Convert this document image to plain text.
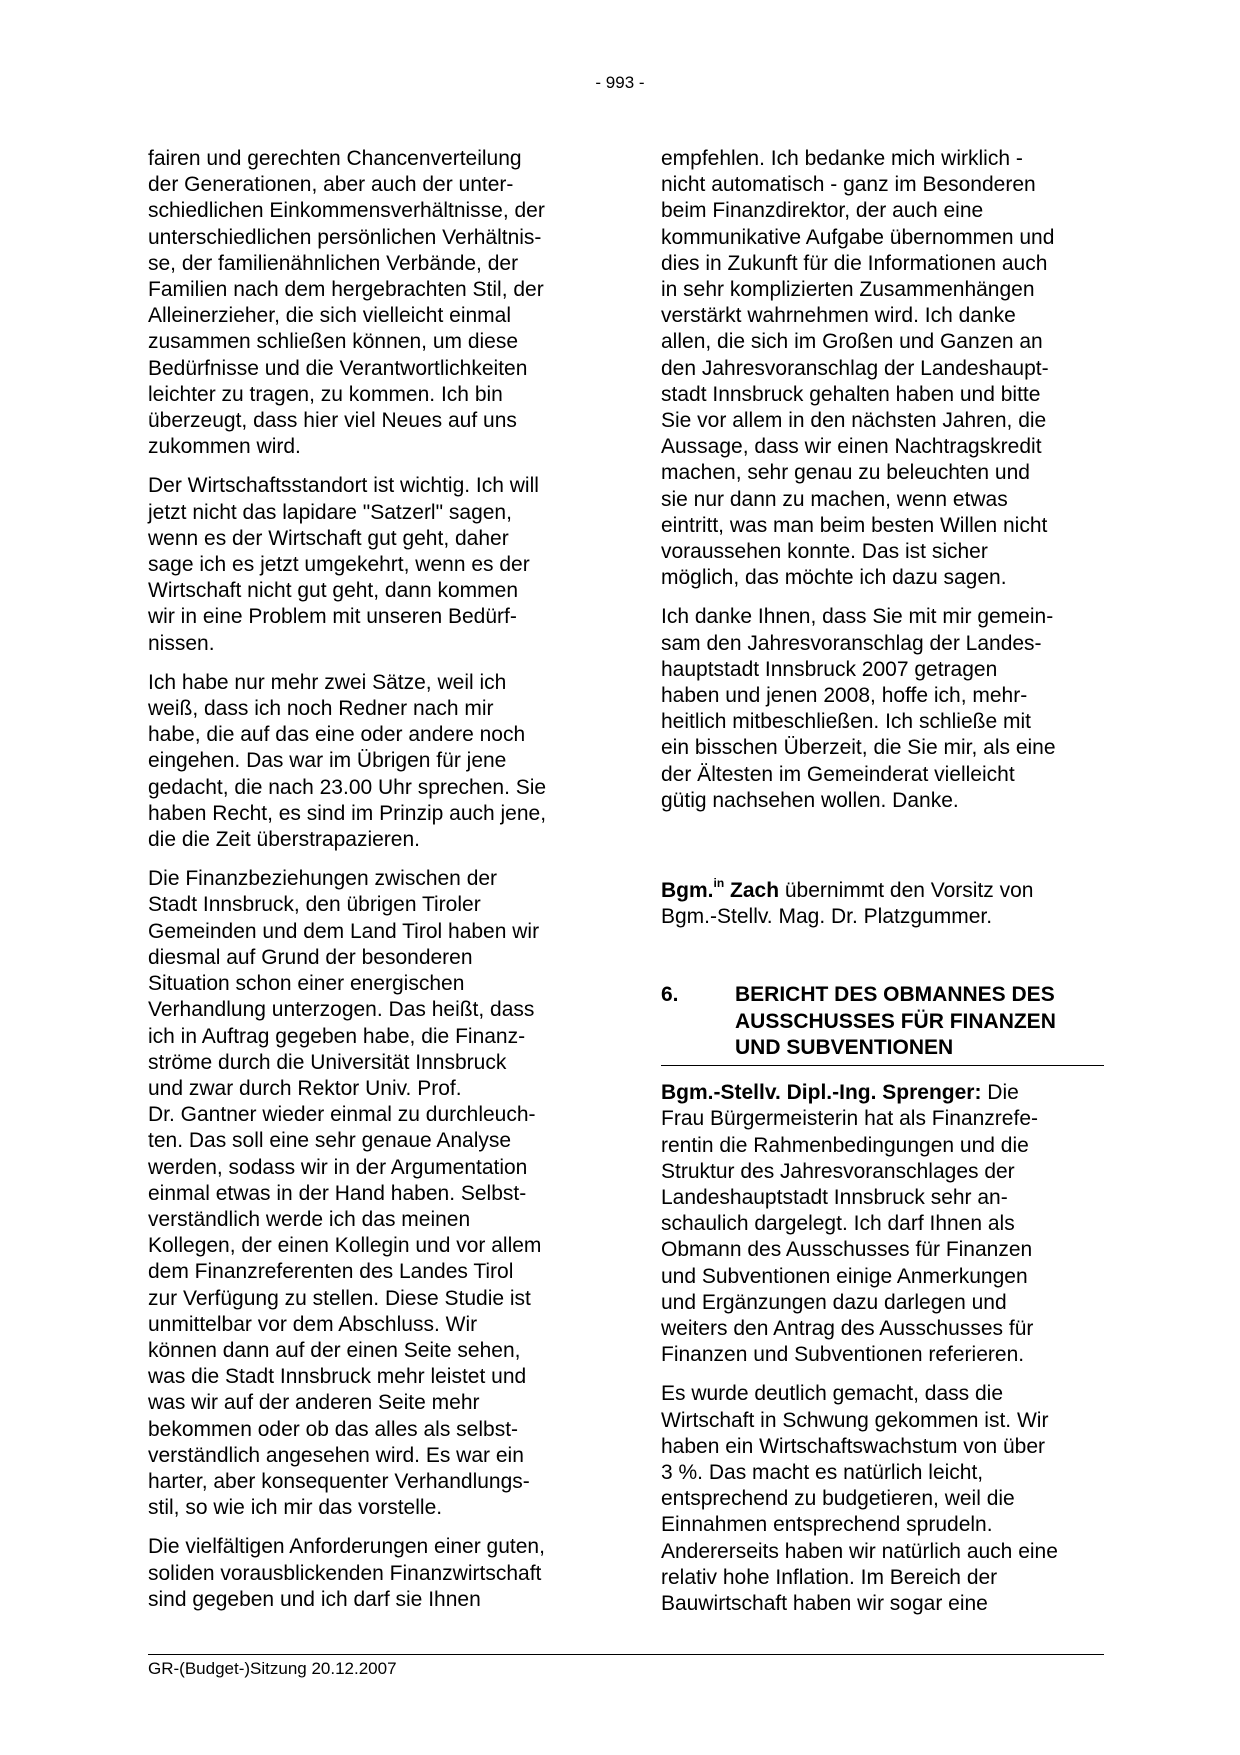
- 993 -
fairen und gerechten Chancenverteilung
der Generationen, aber auch der unter-
schiedlichen Einkommensverhältnisse, der
unterschiedlichen persönlichen Verhältnis-
se, der familienähnlichen Verbände, der
Familien nach dem hergebrachten Stil, der
Alleinerzieher, die sich vielleicht einmal
zusammen schließen können, um diese
Bedürfnisse und die Verantwortlichkeiten
leichter zu tragen, zu kommen. Ich bin
überzeugt, dass hier viel Neues auf uns
zukommen wird.
Der Wirtschaftsstandort ist wichtig. Ich will
jetzt nicht das lapidare "Satzerl" sagen,
wenn es der Wirtschaft gut geht, daher
sage ich es jetzt umgekehrt, wenn es der
Wirtschaft nicht gut geht, dann kommen
wir in eine Problem mit unseren Bedürf-
nissen.
Ich habe nur mehr zwei Sätze, weil ich
weiß, dass ich noch Redner nach mir
habe, die auf das eine oder andere noch
eingehen. Das war im Übrigen für jene
gedacht, die nach 23.00 Uhr sprechen. Sie
haben Recht, es sind im Prinzip auch jene,
die die Zeit überstrapazieren.
Die Finanzbeziehungen zwischen der
Stadt Innsbruck, den übrigen Tiroler
Gemeinden und dem Land Tirol haben wir
diesmal auf Grund der besonderen
Situation schon einer energischen
Verhandlung unterzogen. Das heißt, dass
ich in Auftrag gegeben habe, die Finanz-
ströme durch die Universität Innsbruck
und zwar durch Rektor Univ. Prof.
Dr. Gantner wieder einmal zu durchleuch-
ten. Das soll eine sehr genaue Analyse
werden, sodass wir in der Argumentation
einmal etwas in der Hand haben. Selbst-
verständlich werde ich das meinen
Kollegen, der einen Kollegin und vor allem
dem Finanzreferenten des Landes Tirol
zur Verfügung zu stellen. Diese Studie ist
unmittelbar vor dem Abschluss. Wir
können dann auf der einen Seite sehen,
was die Stadt Innsbruck mehr leistet und
was wir auf der anderen Seite mehr
bekommen oder ob das alles als selbst-
verständlich angesehen wird. Es war ein
harter, aber konsequenter Verhandlungs-
stil, so wie ich mir das vorstelle.
Die vielfältigen Anforderungen einer guten,
soliden vorausblickenden Finanzwirtschaft
sind gegeben und ich darf sie Ihnen
empfehlen. Ich bedanke mich wirklich -
nicht automatisch - ganz im Besonderen
beim Finanzdirektor, der auch eine
kommunikative Aufgabe übernommen und
dies in Zukunft für die Informationen auch
in sehr komplizierten Zusammenhängen
verstärkt wahrnehmen wird. Ich danke
allen, die sich im Großen und Ganzen an
den Jahresvoranschlag der Landeshaupt-
stadt Innsbruck gehalten haben und bitte
Sie vor allem in den nächsten Jahren, die
Aussage, dass wir einen Nachtragskredit
machen, sehr genau zu beleuchten und
sie nur dann zu machen, wenn etwas
eintritt, was man beim besten Willen nicht
voraussehen konnte. Das ist sicher
möglich, das möchte ich dazu sagen.
Ich danke Ihnen, dass Sie mit mir gemein-
sam den Jahresvoranschlag der Landes-
hauptstadt Innsbruck 2007 getragen
haben und jenen 2008, hoffe ich, mehr-
heitlich mitbeschließen. Ich schließe mit
ein bisschen Überzeit, die Sie mir, als eine
der Ältesten im Gemeinderat vielleicht
gütig nachsehen wollen. Danke.
Bgm.$^{in}$ Zach übernimmt den Vorsitz von
Bgm.-Stellv. Mag. Dr. Platzgummer.
6.	BERICHT DES OBMANNES DES
AUSSCHUSSES FÜR FINANZEN
UND SUBVENTIONEN
Bgm.-Stellv. Dipl.-Ing. Sprenger: Die
Frau Bürgermeisterin hat als Finanzrefe-
rentin die Rahmenbedingungen und die
Struktur des Jahresvoranschlages der
Landeshauptstadt Innsbruck sehr an-
schaulich dargelegt. Ich darf Ihnen als
Obmann des Ausschusses für Finanzen
und Subventionen einige Anmerkungen
und Ergänzungen dazu darlegen und
weiters den Antrag des Ausschusses für
Finanzen und Subventionen referieren.
Es wurde deutlich gemacht, dass die
Wirtschaft in Schwung gekommen ist. Wir
haben ein Wirtschaftswachstum von über
3 %. Das macht es natürlich leicht,
entsprechend zu budgetieren, weil die
Einnahmen entsprechend sprudeln.
Andererseits haben wir natürlich auch eine
relativ hohe Inflation. Im Bereich der
Bauwirtschaft haben wir sogar eine
GR-(Budget-)Sitzung 20.12.2007
